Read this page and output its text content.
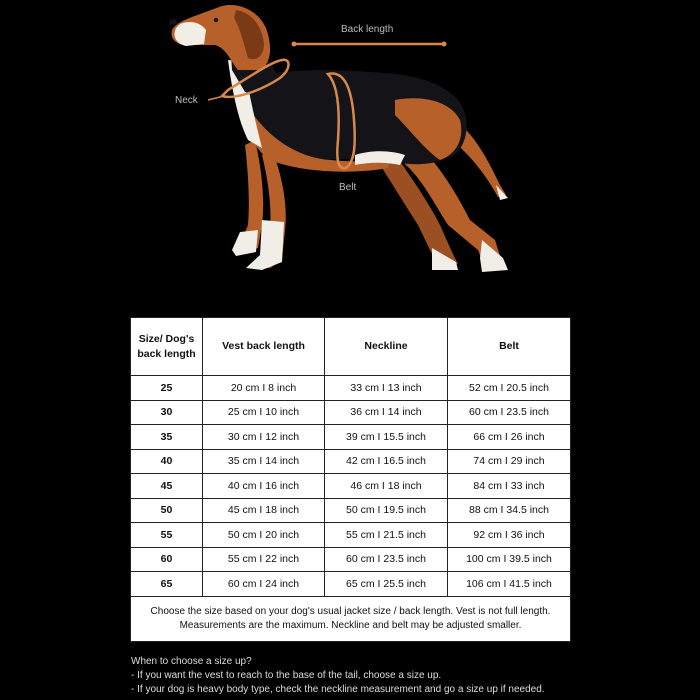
Back length
Neck
Belt
Size/ Dog's back length	Vest back length	Neckline	Belt
25	20 cm I 8 inch	33 cm I 13 inch	52 cm I 20.5 inch
30	25 cm I 10 inch	36 cm I 14 inch	60 cm I 23.5 inch
35	30 cm I 12 inch	39 cm I 15.5 inch	66 cm I 26 inch
40	35 cm I 14 inch	42 cm I 16.5 inch	74 cm I 29 inch
45	40 cm I 16 inch	46 cm I 18 inch	84 cm I 33 inch
50	45 cm I 18 inch	50 cm I 19.5 inch	88 cm I 34.5 inch
55	50 cm I 20 inch	55 cm I 21.5 inch	92 cm I 36 inch
60	55 cm I 22 inch	60 cm I 23.5 inch	100 cm I 39.5 inch
65	60 cm I 24 inch	65 cm I 25.5 inch	106 cm I 41.5 inch

Choose the size based on your dog's usual jacket size / back length. Vest is not full length.
Measurements are the maximum. Neckline and belt may be adjusted smaller.			
When to choose a size up?
- If you want the vest to reach to the base of the tail, choose a size up.
- If your dog is heavy body type, check the neckline measurement and go a size up if needed.
